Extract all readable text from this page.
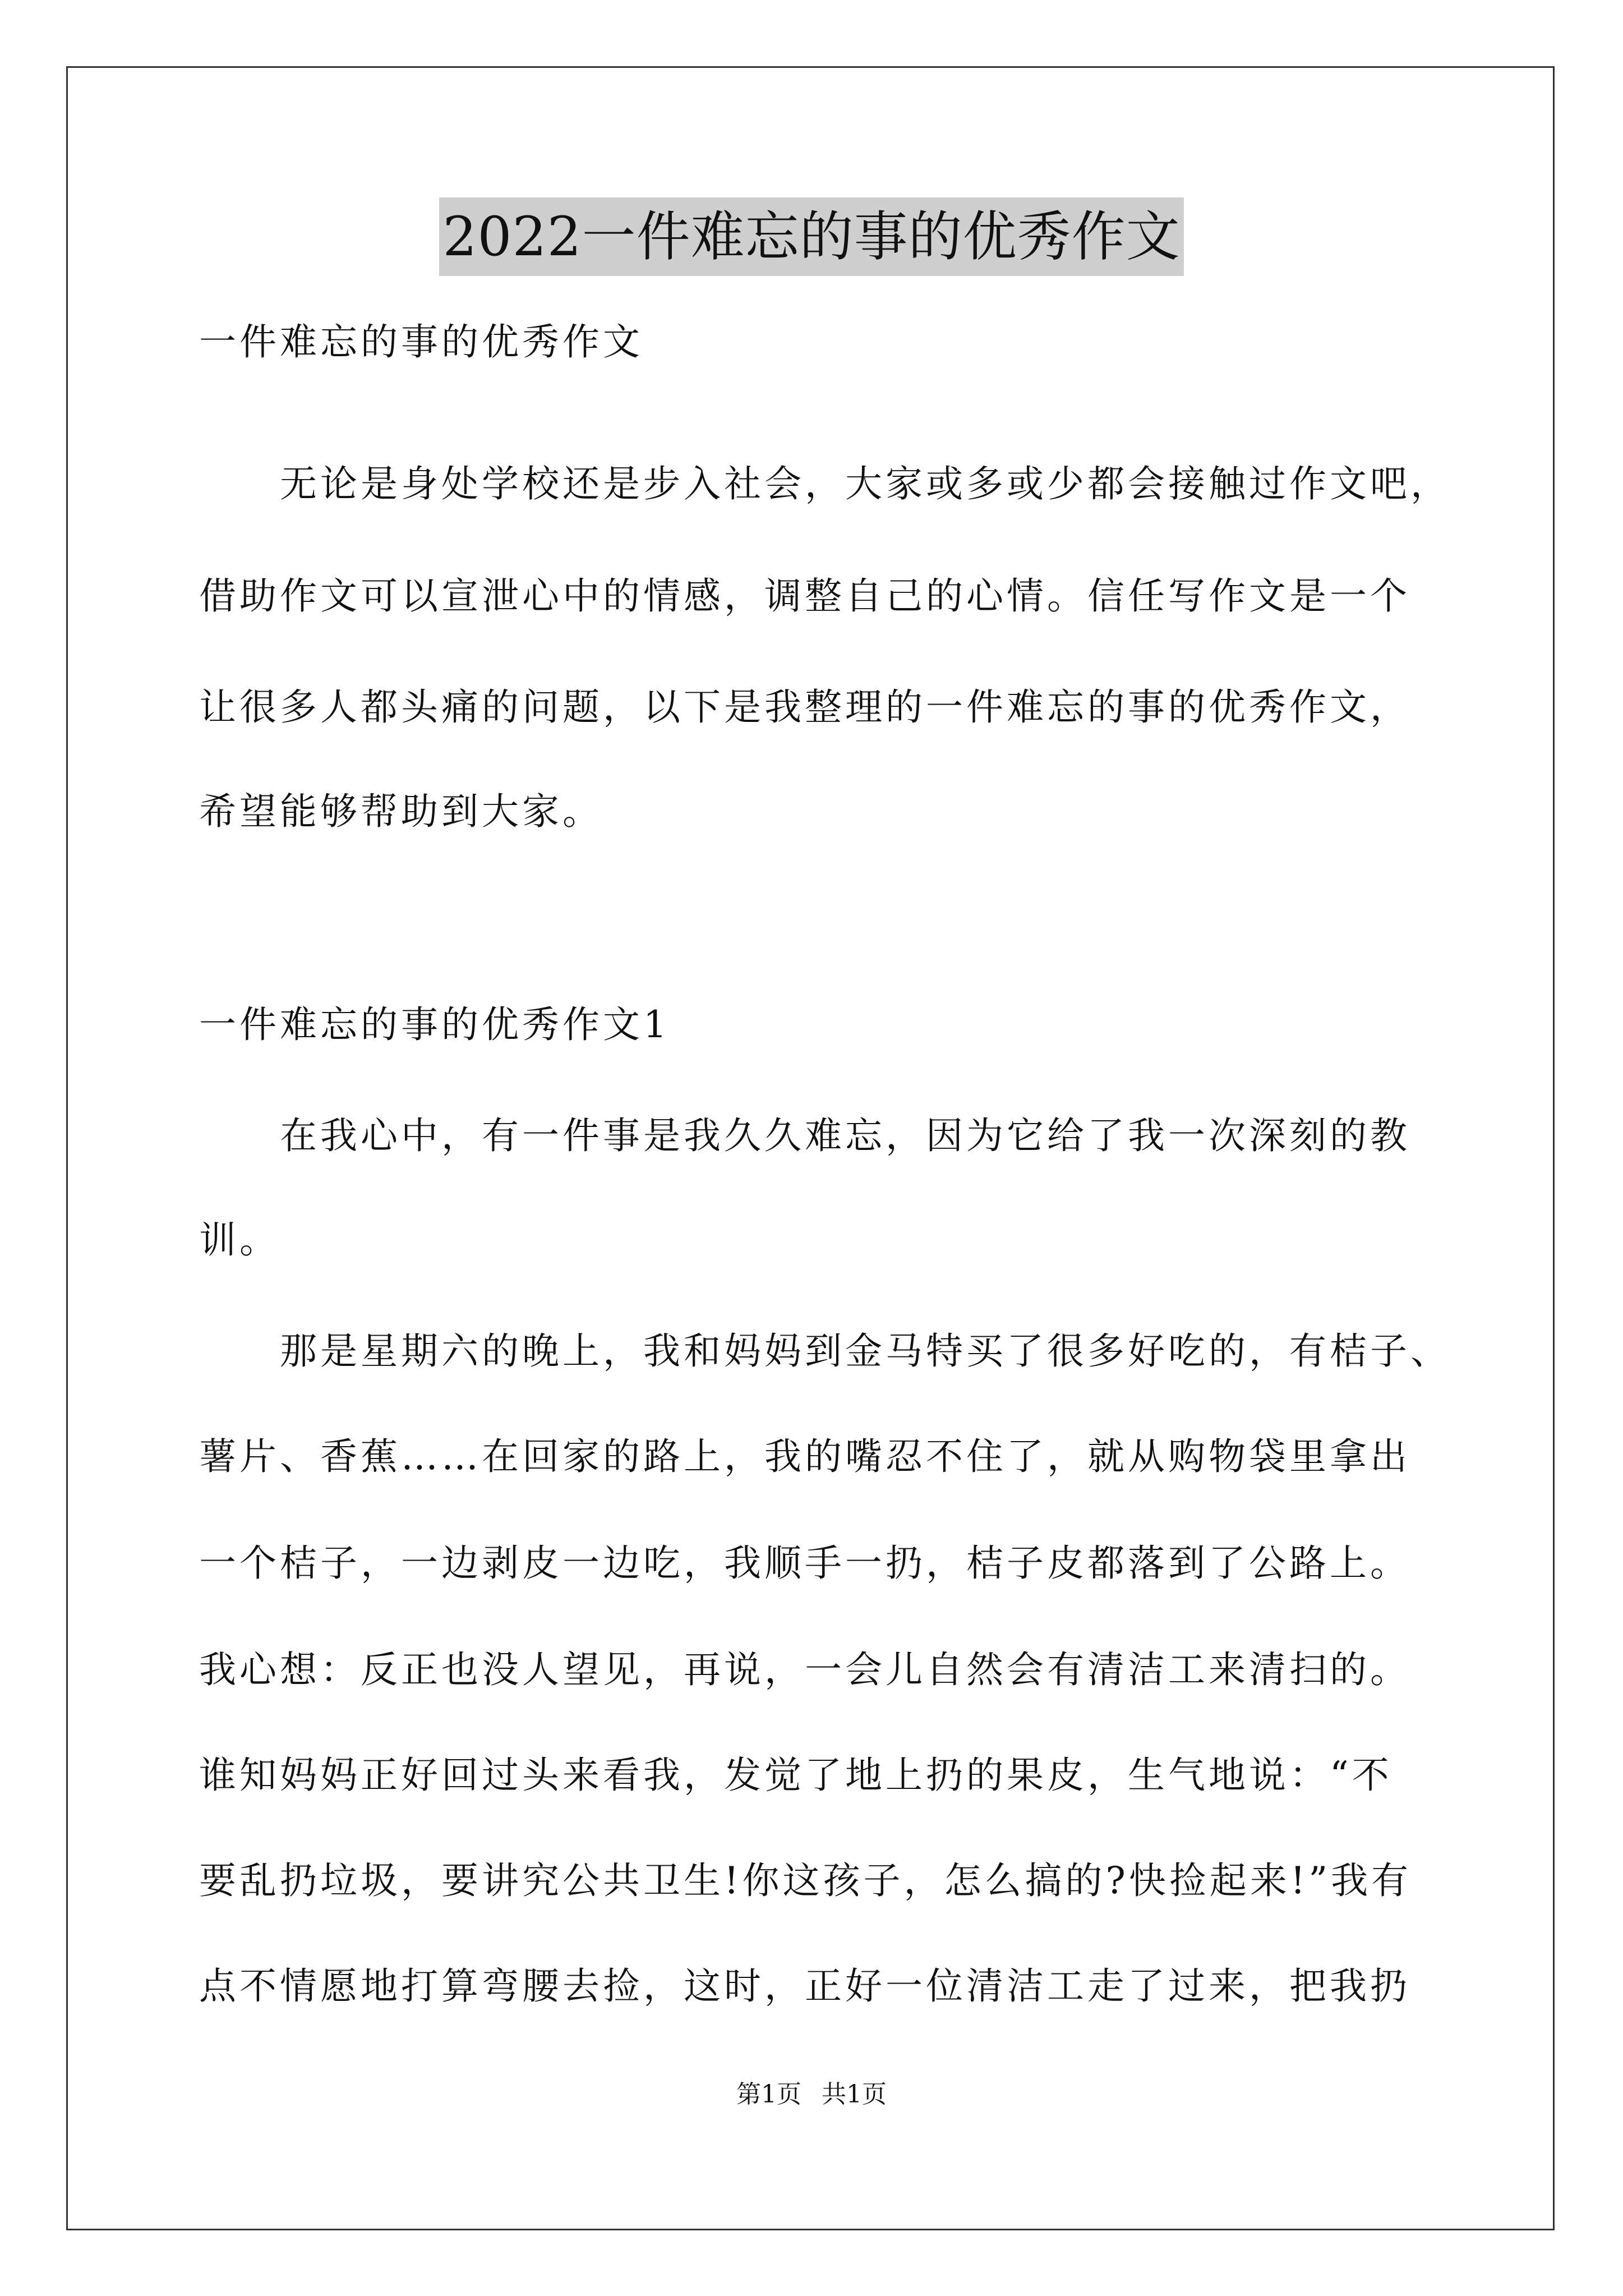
2022一件难忘的事的优秀作文
一件难忘的事的优秀作文
　　无论是身处学校还是步入社会，大家或多或少都会接触过作文吧，
借助作文可以宣泄心中的情感，调整自己的心情。信任写作文是一个
让很多人都头痛的问题，以下是我整理的一件难忘的事的优秀作文，
希望能够帮助到大家。
一件难忘的事的优秀作文1
　　在我心中，有一件事是我久久难忘，因为它给了我一次深刻的教
训。
　　那是星期六的晚上，我和妈妈到金马特买了很多好吃的，有桔子、
薯片、香蕉……在回家的路上，我的嘴忍不住了，就从购物袋里拿出
一个桔子，一边剥皮一边吃，我顺手一扔，桔子皮都落到了公路上。
我心想：反正也没人望见，再说，一会儿自然会有清洁工来清扫的。
谁知妈妈正好回过头来看我，发觉了地上扔的果皮，生气地说：“不
要乱扔垃圾，要讲究公共卫生!你这孩子，怎么搞的?快捡起来!”我有
点不情愿地打算弯腰去捡，这时，正好一位清洁工走了过来，把我扔
第1页 共1页
